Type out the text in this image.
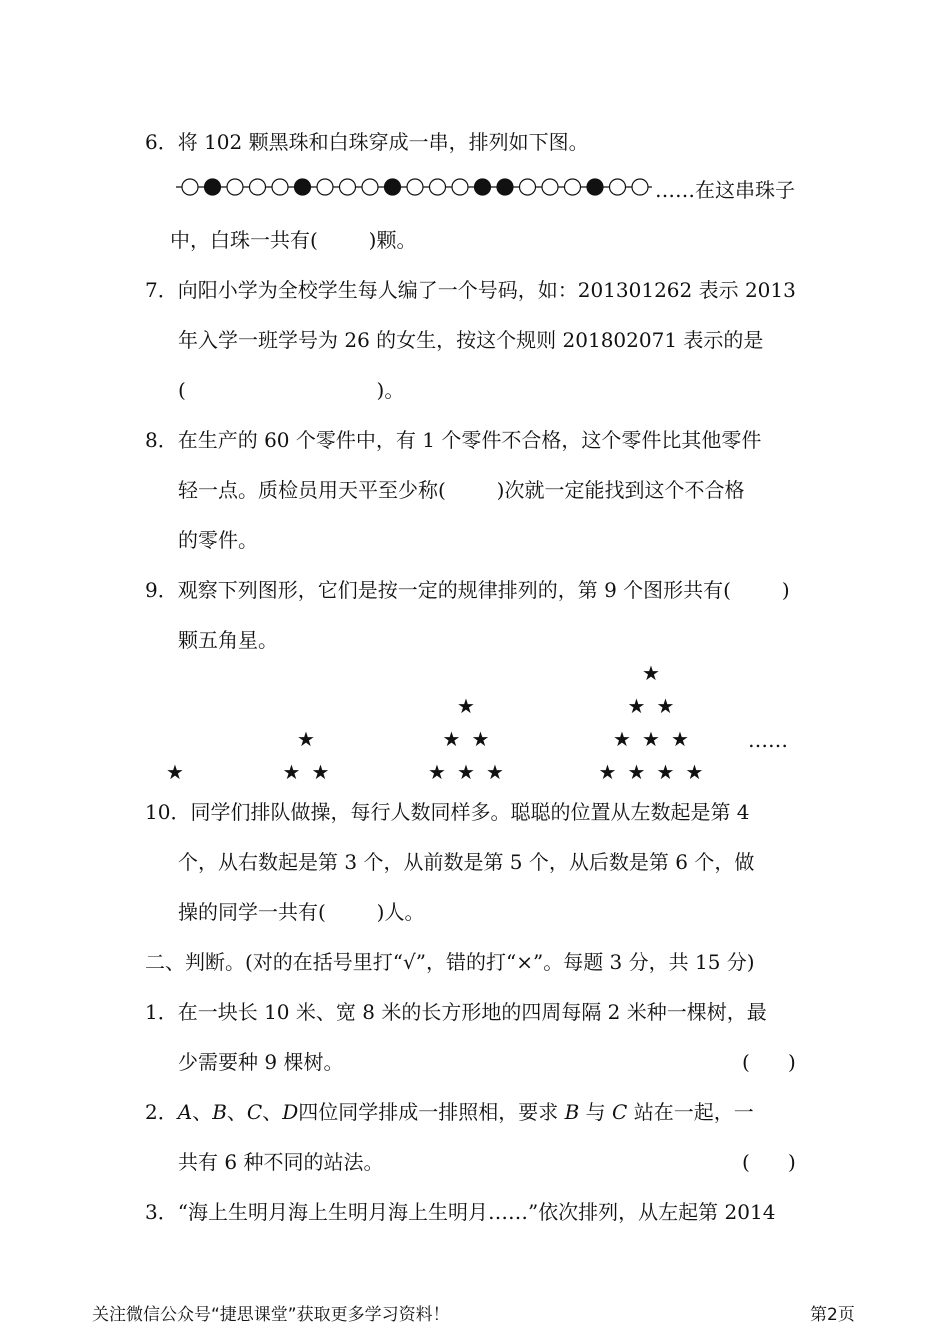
6．将 102 颗黑珠和白珠穿成一串，排列如下图。
……在这串珠子
中，白珠一共有(        )颗。
7．向阳小学为全校学生每人编了一个号码，如：201301262 表示 2013
年入学一班学号为 26 的女生，按这个规则 201802071 表示的是
(                              )。
8．在生产的 60 个零件中，有 1 个零件不合格，这个零件比其他零件
轻一点。质检员用天平至少称(        )次就一定能找到这个不合格
的零件。
9．观察下列图形，它们是按一定的规律排列的，第 9 个图形共有(        )
颗五角星。
★
★
★ ★
★
★ ★
★ ★ ★
★
★ ★
★ ★ ★
★ ★ ★ ★
……
10．同学们排队做操，每行人数同样多。聪聪的位置从左数起是第 4
个，从右数起是第 3 个，从前数是第 5 个，从后数是第 6 个，做
操的同学一共有(        )人。
二、判断。(对的在括号里打“√”，错的打“×”。每题 3 分，共 15 分)
1．在一块长 10 米、宽 8 米的长方形地的四周每隔 2 米种一棵树，最
少需要种 9 棵树。	(      )
2．A、B、C、D四位同学排成一排照相，要求 B 与 C 站在一起，一
共有 6 种不同的站法。	(      )
3．“海上生明月海上生明月海上生明月……”依次排列，从左起第 2014
关注微信公众号“捷思课堂”获取更多学习资料！	第2页
